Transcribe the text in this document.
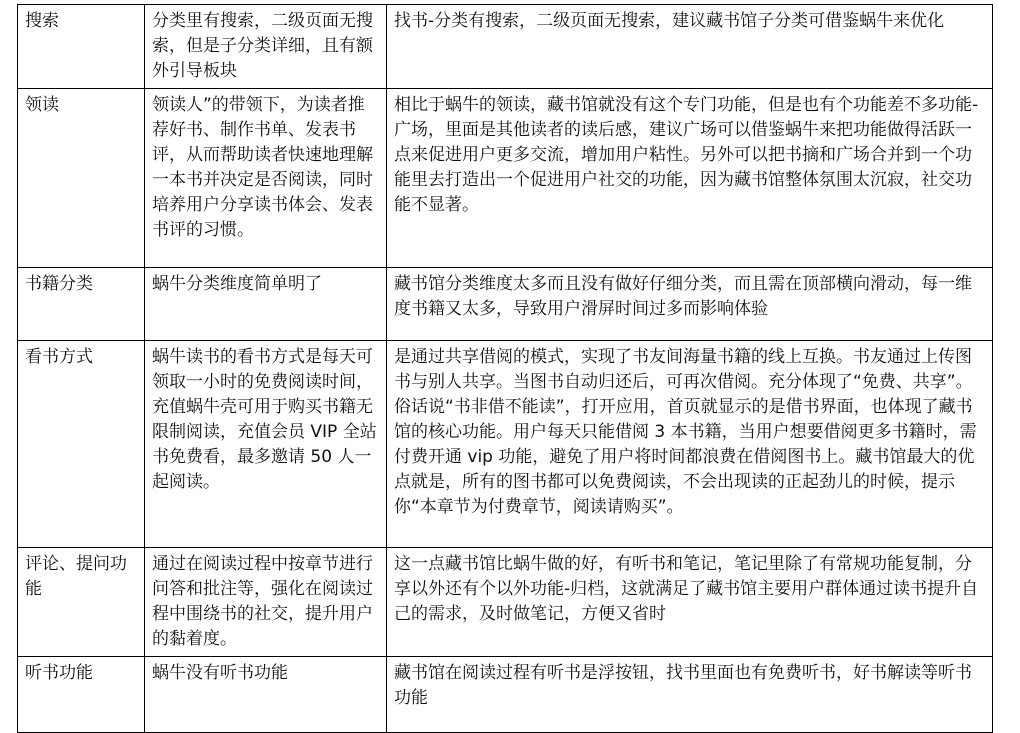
搜索	分类里有搜索，二级页面无搜索，但是子分类详细，且有额外引导板块	找书-分类有搜索，二级页面无搜索，建议藏书馆子分类可借鉴蜗牛来优化
领读	领读人”的带领下，为读者推荐好书、制作书单、发表书评，从而帮助读者快速地理解一本书并决定是否阅读，同时培养用户分享读书体会、发表书评的习惯。	相比于蜗牛的领读，藏书馆就没有这个专门功能，但是也有个功能差不多功能-广场，里面是其他读者的读后感，建议广场可以借鉴蜗牛来把功能做得活跃一点来促进用户更多交流，增加用户粘性。另外可以把书摘和广场合并到一个功能里去打造出一个促进用户社交的功能，因为藏书馆整体氛围太沉寂，社交功能不显著。
书籍分类	蜗牛分类维度简单明了	藏书馆分类维度太多而且没有做好仔细分类，而且需在顶部横向滑动，每一维度书籍又太多，导致用户滑屏时间过多而影响体验
看书方式	蜗牛读书的看书方式是每天可领取一小时的免费阅读时间，充值蜗牛壳可用于购买书籍无限制阅读，充值会员 VIP 全站书免费看，最多邀请 50 人一起阅读。	是通过共享借阅的模式，实现了书友间海量书籍的线上互换。书友通过上传图书与别人共享。当图书自动归还后，可再次借阅。充分体现了“免费、共享”。俗话说“书非借不能读”，打开应用，首页就显示的是借书界面，也体现了藏书馆的核心功能。用户每天只能借阅 3 本书籍，当用户想要借阅更多书籍时，需付费开通 vip 功能，避免了用户将时间都浪费在借阅图书上。藏书馆最大的优点就是，所有的图书都可以免费阅读，不会出现读的正起劲儿的时候，提示你“本章节为付费章节，阅读请购买”。
评论、提问功能	通过在阅读过程中按章节进行问答和批注等，强化在阅读过程中围绕书的社交，提升用户的黏着度。	这一点藏书馆比蜗牛做的好，有听书和笔记，笔记里除了有常规功能复制，分享以外还有个以外功能-归档，这就满足了藏书馆主要用户群体通过读书提升自己的需求，及时做笔记，方便又省时
听书功能	蜗牛没有听书功能	藏书馆在阅读过程有听书是浮按钮，找书里面也有免费听书，好书解读等听书功能
